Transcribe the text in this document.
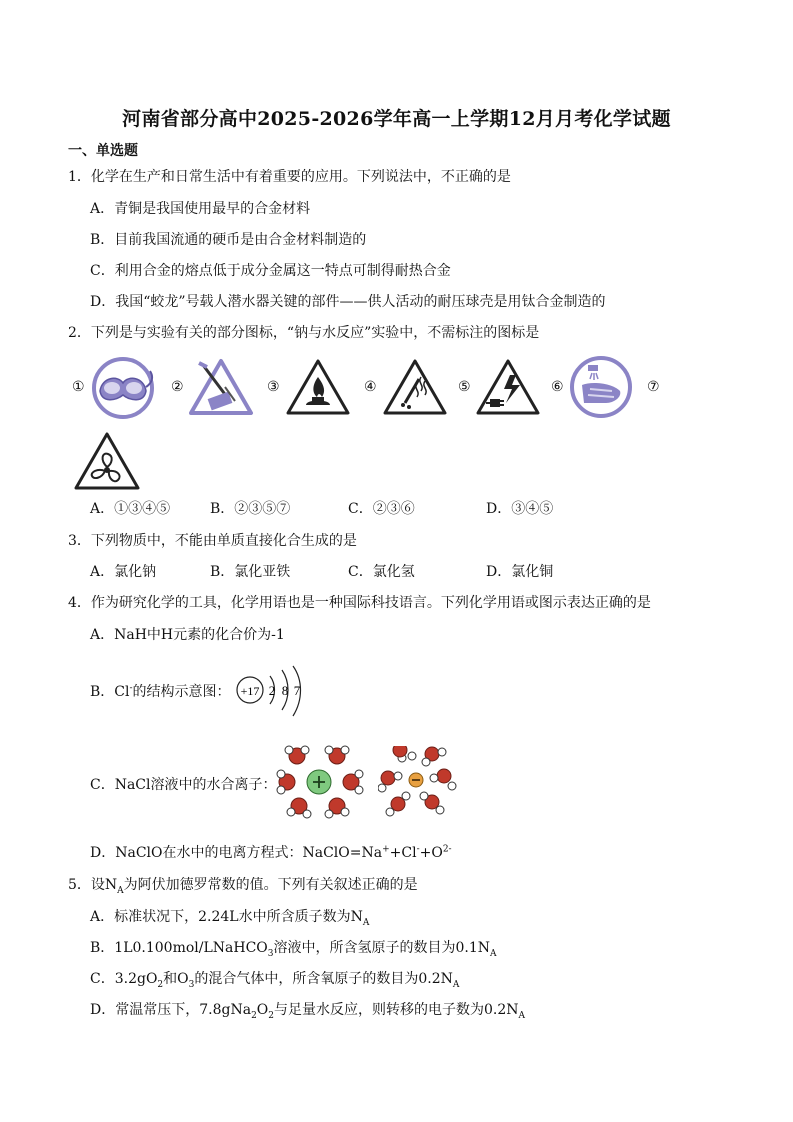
河南省部分高中2025-2026学年高一上学期12月月考化学试题
一、单选题
1．化学在生产和日常生活中有着重要的应用。下列说法中，不正确的是
A．青铜是我国使用最早的合金材料
B．目前我国流通的硬币是由合金材料制造的
C．利用合金的熔点低于成分金属这一特点可制得耐热合金
D．我国“蛟龙”号载人潜水器关键的部件——供人活动的耐压球壳是用钛合金制造的
2．下列是与实验有关的部分图标，“钠与水反应”实验中，不需标注的图标是
①	②	③	④	⑤	⑥	⑦
A．①③④⑤	B．②③⑤⑦	C．②③⑥	D．③④⑤
3．下列物质中，不能由单质直接化合生成的是
A．氯化钠	B．氯化亚铁	C．氯化氢	D．氯化铜
4．作为研究化学的工具，化学用语也是一种国际科技语言。下列化学用语或图示表达正确的是
A．NaH中H元素的化合价为-1
B．Cl-的结构示意图： +17 2 8 7
C．NaCl溶液中的水合离子：
D．NaClO在水中的电离方程式：$NaClO=Na^++Cl^-+O^{2-}$
5．设$N_A$为阿伏加德罗常数的值。下列有关叙述正确的是
A．标准状况下，2.24L水中所含质子数为$N_A$
B．1L0.100mol/LNaHCO$_3$溶液中，所含氢原子的数目为$0.1N_A$
C．$3.2gO_2$和$O_3$的混合气体中，所含氧原子的数目为$0.2N_A$
D．常温常压下，$7.8gNa_2O_2$与足量水反应，则转移的电子数为$0.2N_A$
